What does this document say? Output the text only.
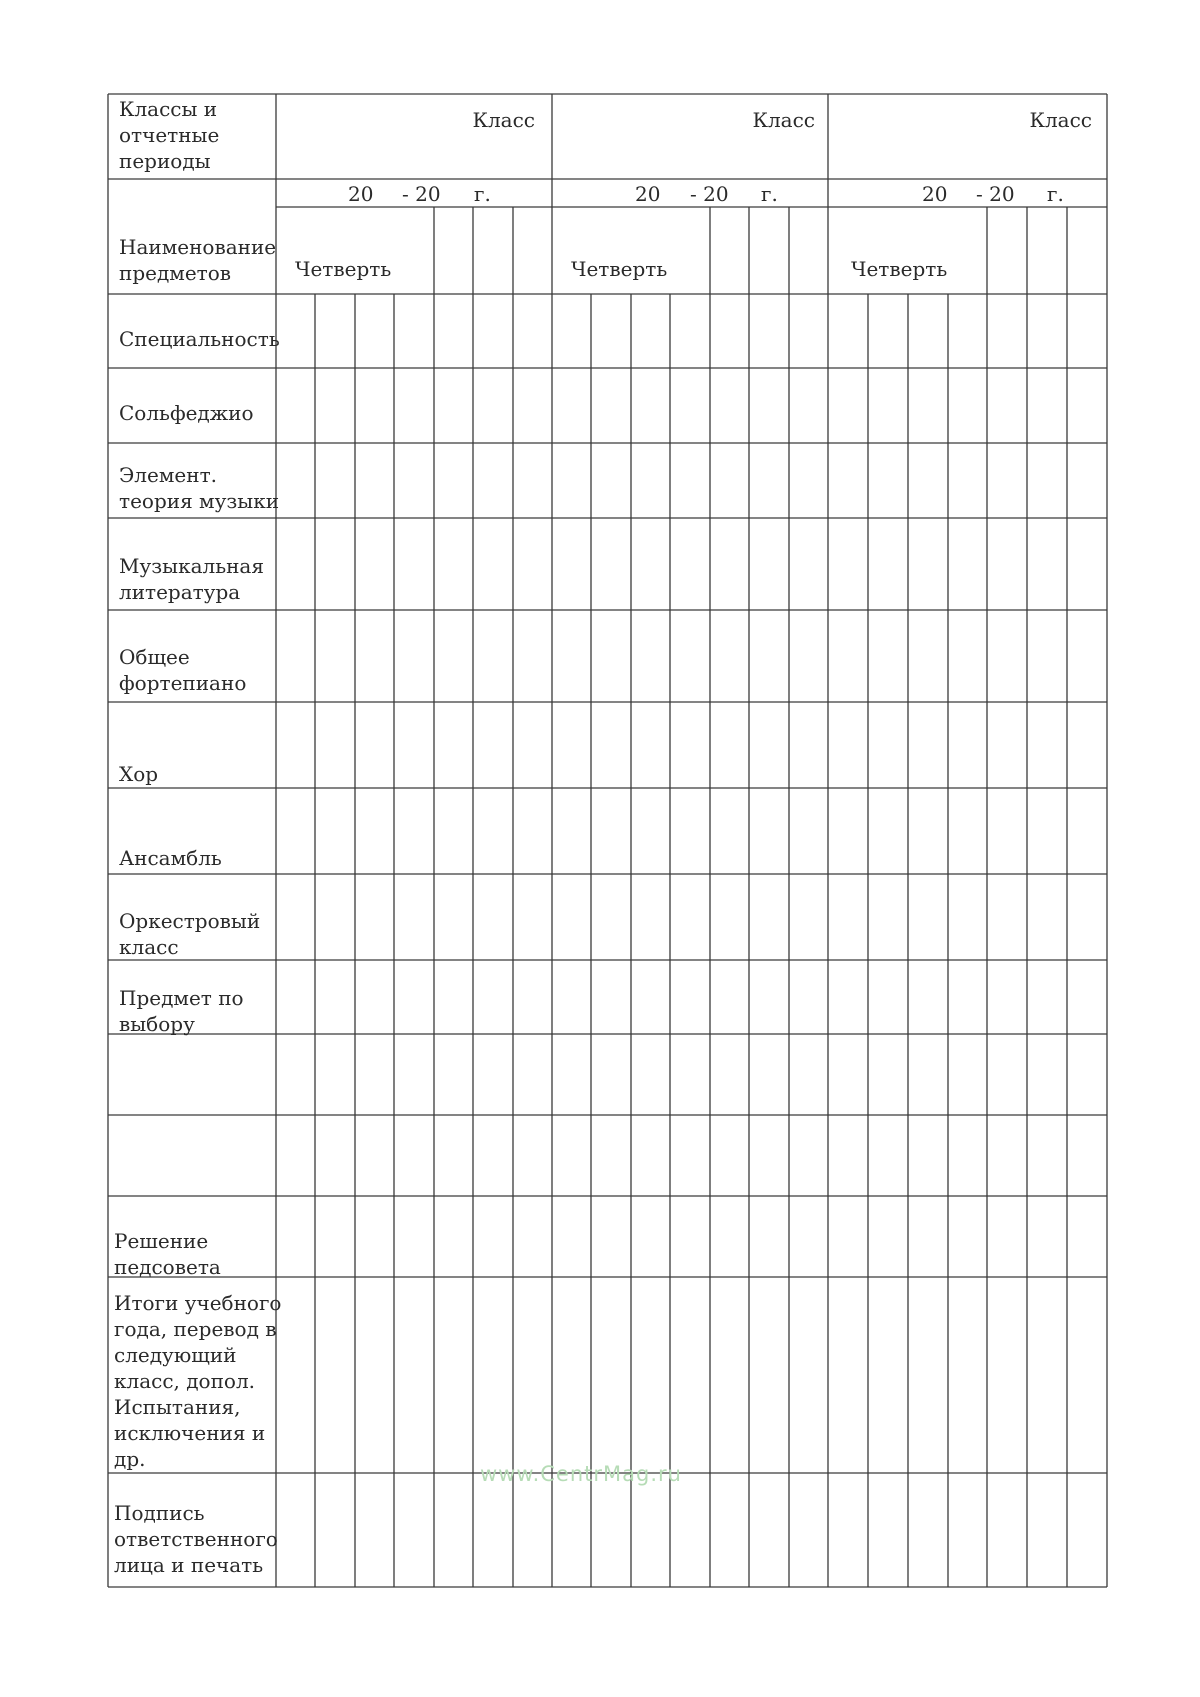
Классы и
отчетные
периоды
Наименование
предметов
Класс
20 - 20 г.
Четверть
Класс
20 - 20 г.
Четверть
Класс
20 - 20 г.
Четверть
Специальность
Сольфеджио
Элемент.
теория музыки
Музыкальная
литература
Общее
фортепиано
Хор
Ансамбль
Оркестровый
класс
Предмет по
выбору
Решение
педсовета
Итоги учебного
года, перевод в
следующий
класс, допол.
Испытания,
исключения и
др.
Подпись
ответственного
лица и печать
www.CentrMag.ru
